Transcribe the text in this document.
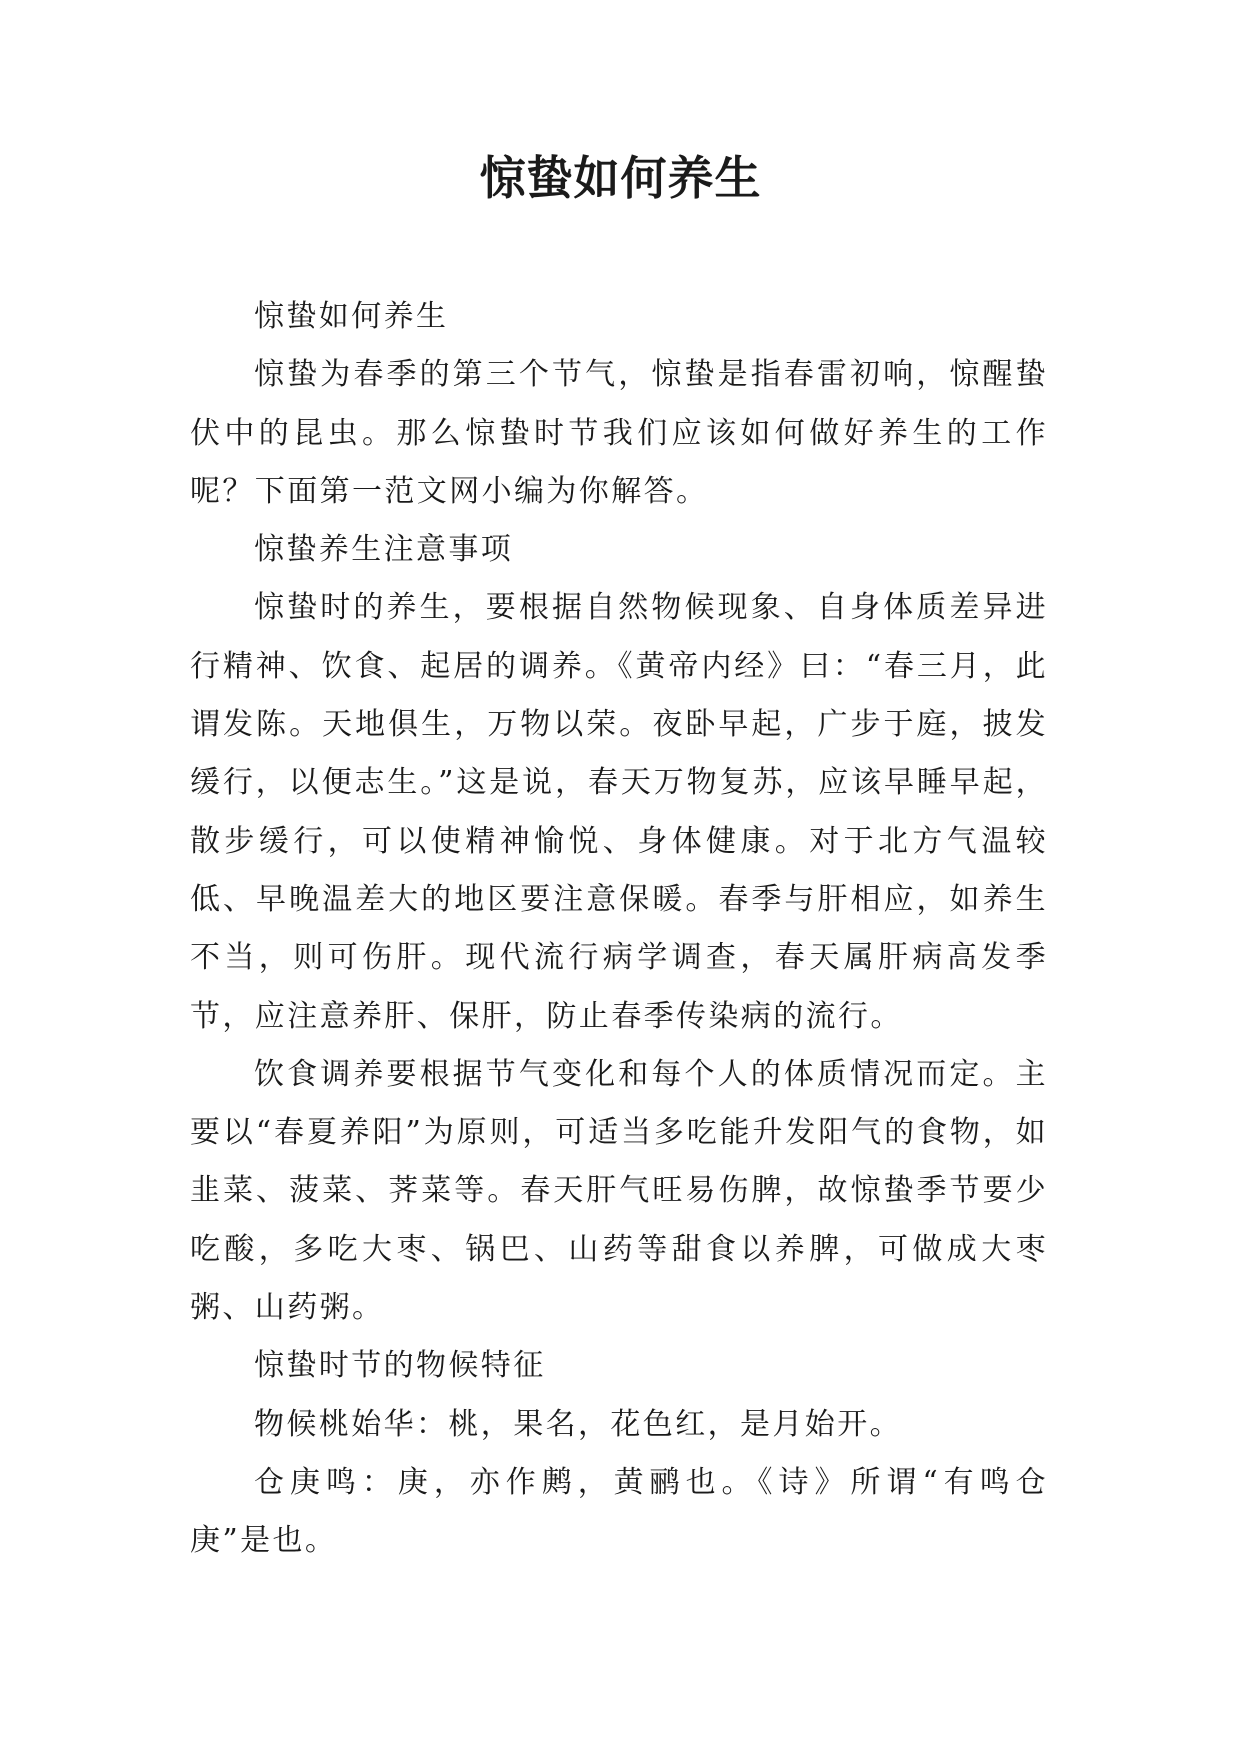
惊蛰如何养生

惊蛰如何养生

惊蛰为春季的第三个节气，惊蛰是指春雷初响，惊醒蛰伏中的昆虫。那么惊蛰时节我们应该如何做好养生的工作呢？下面第一范文网小编为你解答。

惊蛰养生注意事项

惊蛰时的养生，要根据自然物候现象、自身体质差异进行精神、饮食、起居的调养。《黄帝内经》曰：“春三月，此谓发陈。天地俱生，万物以荣。夜卧早起，广步于庭，披发缓行，以便志生。”这是说，春天万物复苏，应该早睡早起，散步缓行，可以使精神愉悦、身体健康。对于北方气温较低、早晚温差大的地区要注意保暖。春季与肝相应，如养生不当，则可伤肝。现代流行病学调查，春天属肝病高发季节，应注意养肝、保肝，防止春季传染病的流行。

饮食调养要根据节气变化和每个人的体质情况而定。主要以“春夏养阳”为原则，可适当多吃能升发阳气的食物，如韭菜、菠菜、荠菜等。春天肝气旺易伤脾，故惊蛰季节要少吃酸，多吃大枣、锅巴、山药等甜食以养脾，可做成大枣粥、山药粥。

惊蛰时节的物候特征

物候桃始华：桃，果名，花色红，是月始开。

仓庚鸣：庚，亦作鹒，黄鹂也。《诗》所谓“有鸣仓庚”是也。
